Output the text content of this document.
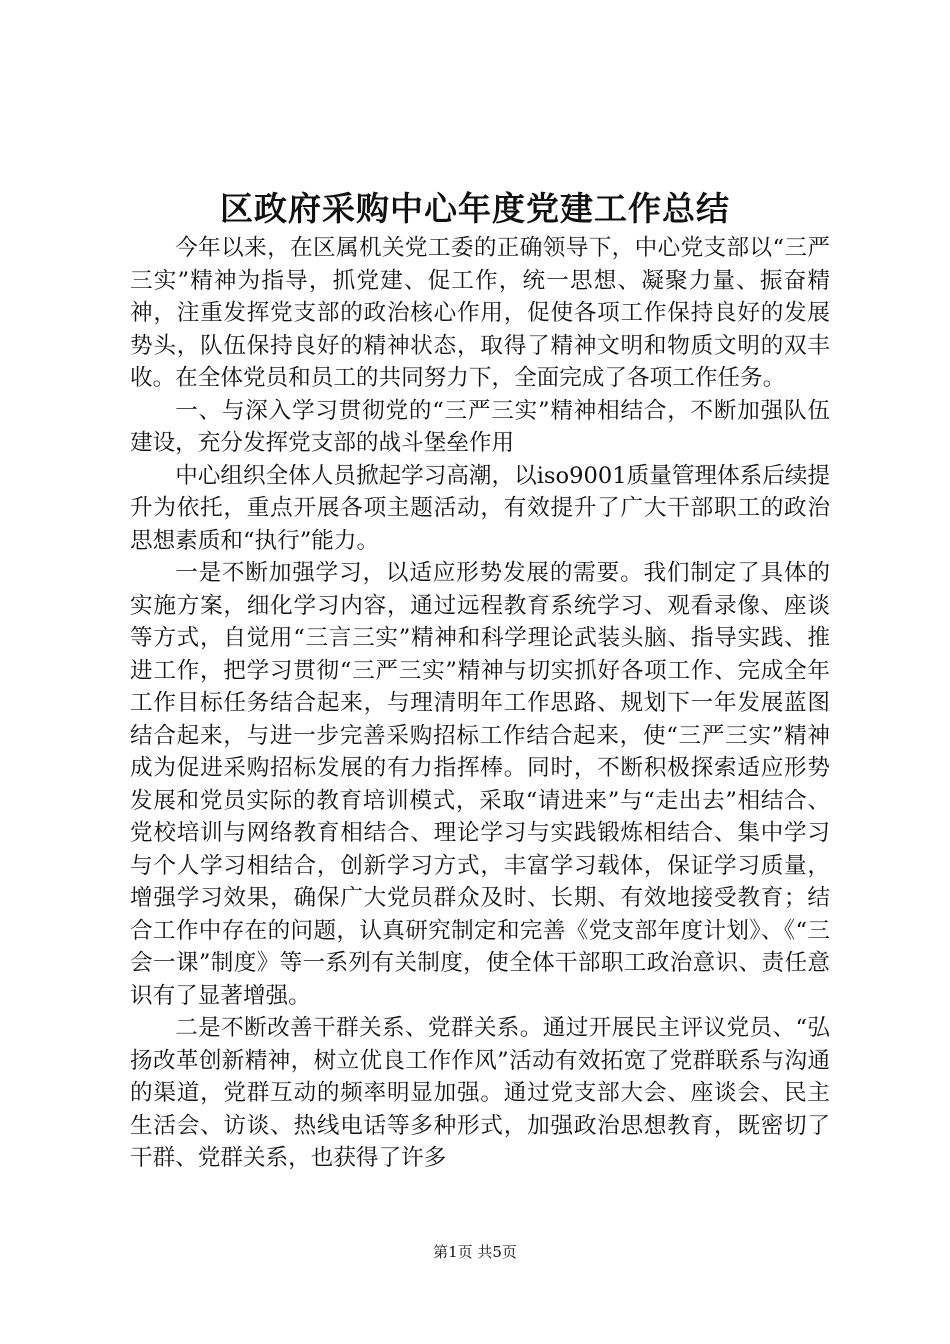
区政府采购中心年度党建工作总结

今年以来，在区属机关党工委的正确领导下，中心党支部以“三严三实”精神为指导，抓党建、促工作，统一思想、凝聚力量、振奋精神，注重发挥党支部的政治核心作用，促使各项工作保持良好的发展势头，队伍保持良好的精神状态，取得了精神文明和物质文明的双丰收。在全体党员和员工的共同努力下，全面完成了各项工作任务。

一、与深入学习贯彻党的“三严三实”精神相结合，不断加强队伍建设，充分发挥党支部的战斗堡垒作用

中心组织全体人员掀起学习高潮，以iso9001质量管理体系后续提升为依托，重点开展各项主题活动，有效提升了广大干部职工的政治思想素质和“执行”能力。

一是不断加强学习，以适应形势发展的需要。我们制定了具体的实施方案，细化学习内容，通过远程教育系统学习、观看录像、座谈等方式，自觉用“三言三实”精神和科学理论武装头脑、指导实践、推进工作，把学习贯彻“三严三实”精神与切实抓好各项工作、完成全年工作目标任务结合起来，与理清明年工作思路、规划下一年发展蓝图结合起来，与进一步完善采购招标工作结合起来，使“三严三实”精神成为促进采购招标发展的有力指挥棒。同时，不断积极探索适应形势发展和党员实际的教育培训模式，采取“请进来”与“走出去”相结合、党校培训与网络教育相结合、理论学习与实践锻炼相结合、集中学习与个人学习相结合，创新学习方式，丰富学习载体，保证学习质量，增强学习效果，确保广大党员群众及时、长期、有效地接受教育；结合工作中存在的问题，认真研究制定和完善《党支部年度计划》、《“三会一课”制度》等一系列有关制度，使全体干部职工政治意识、责任意识有了显著增强。

二是不断改善干群关系、党群关系。通过开展民主评议党员、“弘扬改革创新精神，树立优良工作作风”活动有效拓宽了党群联系与沟通的渠道，党群互动的频率明显加强。通过党支部大会、座谈会、民主生活会、访谈、热线电话等多种形式，加强政治思想教育，既密切了干群、党群关系，也获得了许多

第1页 共5页
